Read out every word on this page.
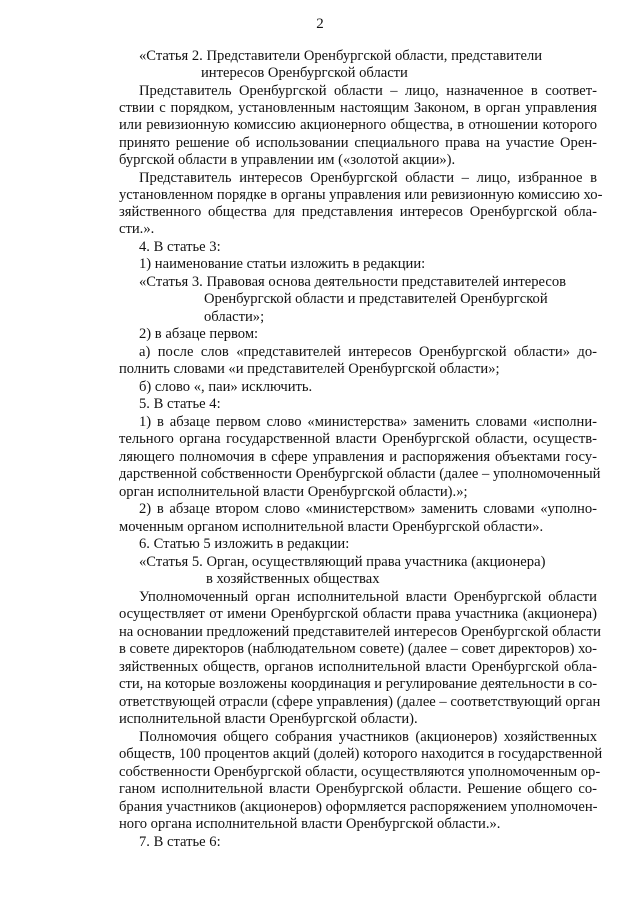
2
«Статья 2. Представители Оренбургской области, представители
интересов Оренбургской области
Представитель Оренбургской области – лицо, назначенное в соответ-
ствии с порядком, установленным настоящим Законом, в орган управления
или ревизионную комиссию акционерного общества, в отношении которого
принято решение об использовании специального права на участие Орен-
бургской области в управлении им («золотой акции»).
Представитель интересов Оренбургской области – лицо, избранное в
установленном порядке в органы управления или ревизионную комиссию хо-
зяйственного общества для представления интересов Оренбургской обла-
сти.».
4. В статье 3:
1) наименование статьи изложить в редакции:
«Статья 3. Правовая основа деятельности представителей интересов
Оренбургской области и представителей Оренбургской
области»;
2) в абзаце первом:
а) после слов «представителей интересов Оренбургской области» до-
полнить словами «и представителей Оренбургской области»;
б) слово «, паи» исключить.
5. В статье 4:
1) в абзаце первом слово «министерства» заменить словами «исполни-
тельного органа государственной власти Оренбургской области, осуществ-
ляющего полномочия в сфере управления и распоряжения объектами госу-
дарственной собственности Оренбургской области (далее – уполномоченный
орган исполнительной власти Оренбургской области).»;
2) в абзаце втором слово «министерством» заменить словами «уполно-
моченным органом исполнительной власти Оренбургской области».
6. Статью 5 изложить в редакции:
«Статья 5. Орган, осуществляющий права участника (акционера)
в хозяйственных обществах
Уполномоченный орган исполнительной власти Оренбургской области
осуществляет от имени Оренбургской области права участника (акционера)
на основании предложений представителей интересов Оренбургской области
в совете директоров (наблюдательном совете) (далее – совет директоров) хо-
зяйственных обществ, органов исполнительной власти Оренбургской обла-
сти, на которые возложены координация и регулирование деятельности в со-
ответствующей отрасли (сфере управления) (далее – соответствующий орган
исполнительной власти Оренбургской области).
Полномочия общего собрания участников (акционеров) хозяйственных
обществ, 100 процентов акций (долей) которого находится в государственной
собственности Оренбургской области, осуществляются уполномоченным ор-
ганом исполнительной власти Оренбургской области. Решение общего со-
брания участников (акционеров) оформляется распоряжением уполномочен-
ного органа исполнительной власти Оренбургской области.».
7. В статье 6:
